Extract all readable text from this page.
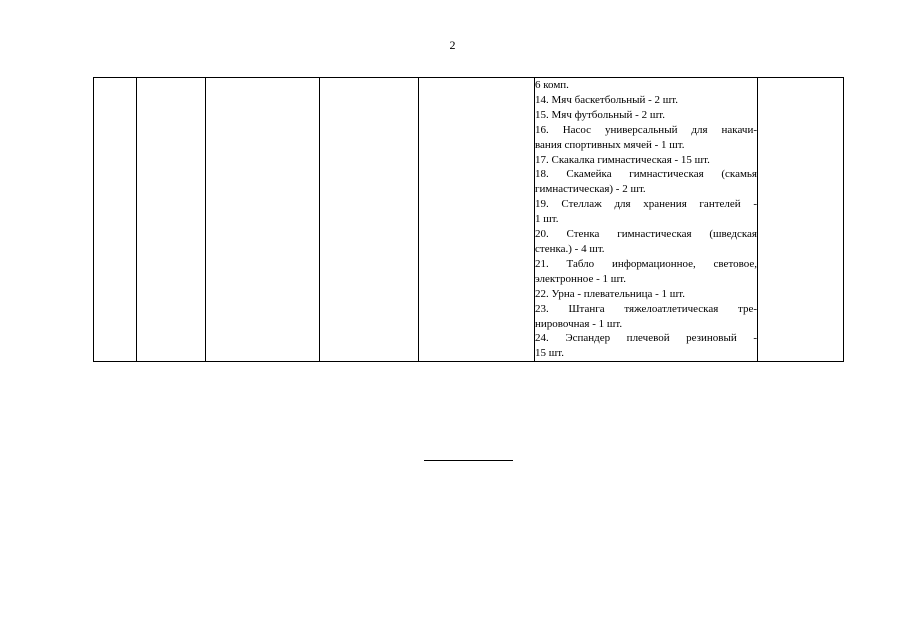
2

6 комп.
14. Мяч баскетбольный - 2 шт.
15. Мяч футбольный - 2 шт.
16. Насос универсальный для накачи-
вания спортивных мячей - 1 шт.
17. Скакалка гимнастическая - 15 шт.
18. Скамейка гимнастическая (скамья
гимнастическая) - 2 шт.
19. Стеллаж для хранения гантелей -
1 шт.
20. Стенка гимнастическая (шведская
стенка.) - 4 шт.
21. Табло информационное, световое,
электронное - 1 шт.
22. Урна - плевательница - 1 шт.
23. Штанга тяжелоатлетическая тре-
нировочная - 1 шт.
24. Эспандер плечевой резиновый -
15 шт.
